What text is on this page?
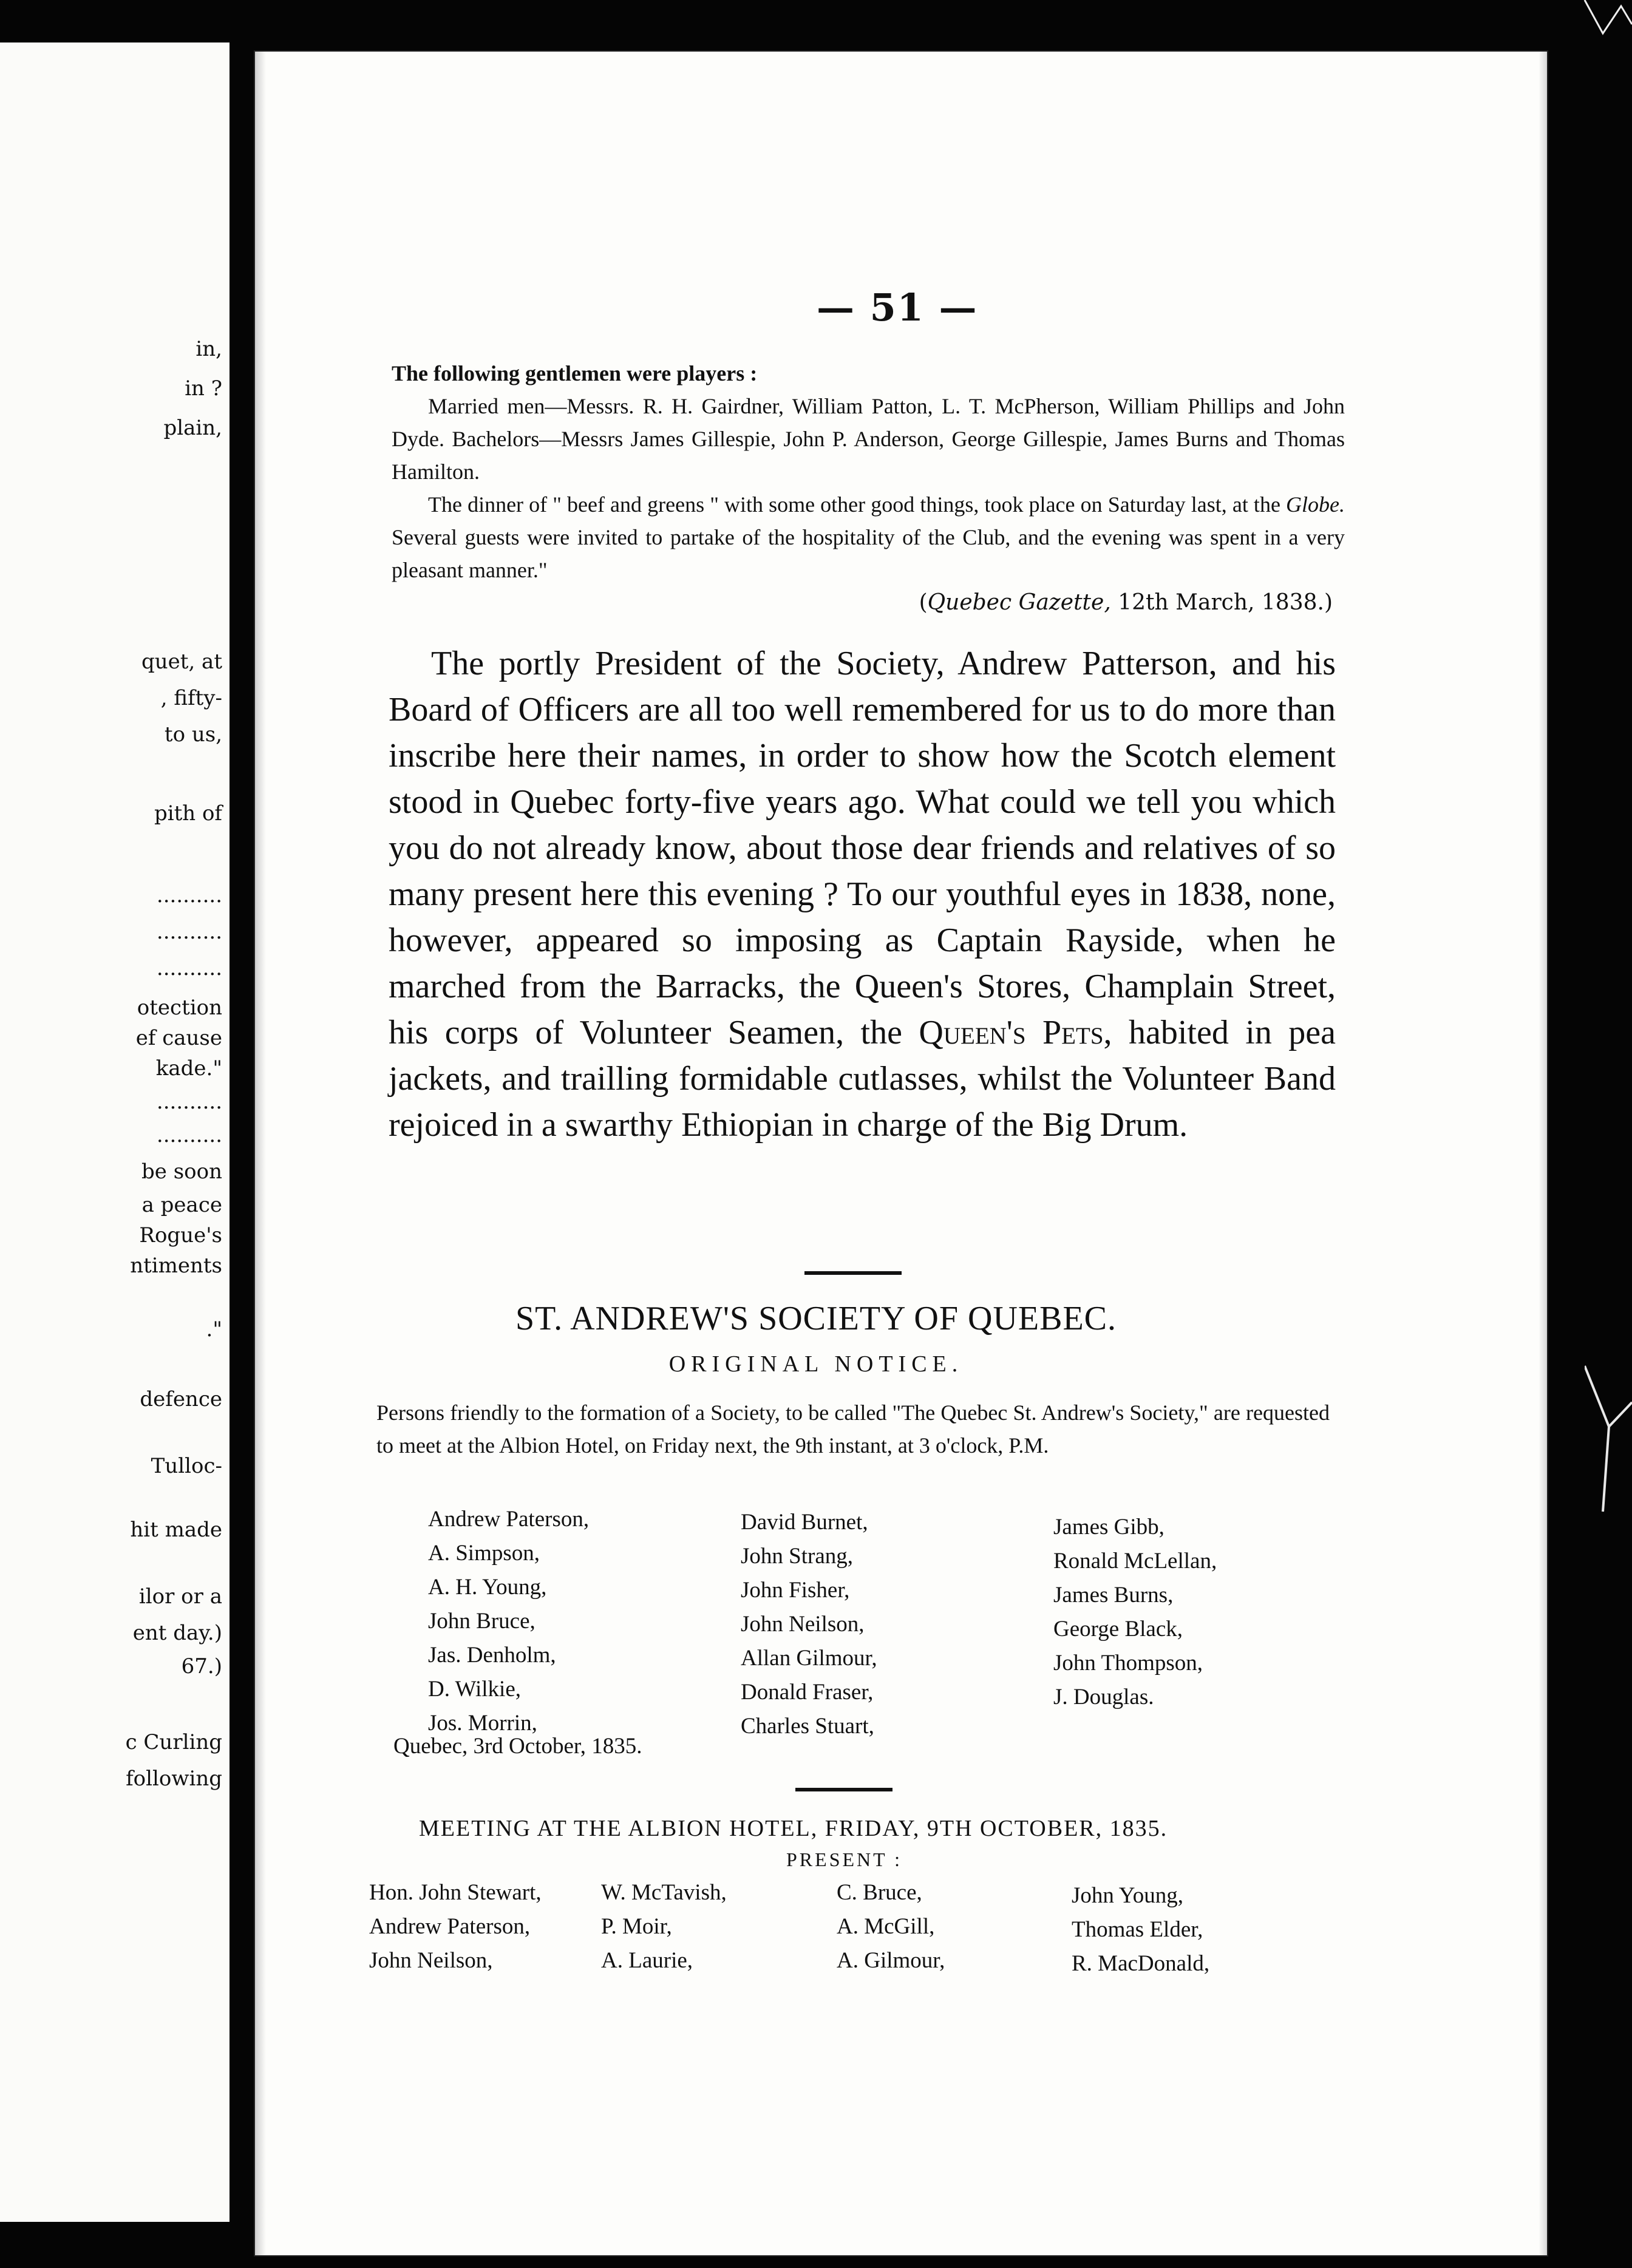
in,
in ?
plain,
quet, at
, fifty-
to us,
pith of
..........
..........
..........
otection
ef cause
kade."
..........
..........
be soon
a peace
Rogue's
ntiments
."
defence
Tulloc-
hit made
ilor or a
ent day.)
67.)
c Curling
following
— 51 —
The following gentlemen were players :
Married men—Messrs. R. H. Gairdner, William Patton, L. T. McPherson, William Phillips and John Dyde. Bachelors—Messrs James Gillespie, John P. Anderson, George Gillespie, James Burns and Thomas Hamilton.
The dinner of " beef and greens " with some other good things, took place on Saturday last, at the Globe. Several guests were invited to partake of the hospitality of the Club, and the evening was spent in a very pleasant manner."
(Quebec Gazette, 12th March, 1838.)

The portly President of the Society, Andrew Patterson, and his Board of Officers are all too well remembered for us to do more than inscribe here their names, in order to show how the Scotch element stood in Quebec forty-five years ago. What could we tell you which you do not already know, about those dear friends and relatives of so many present here this evening ? To our youthful eyes in 1838, none, however, appeared so imposing as Captain Rayside, when he marched from the Barracks, the Queen's Stores, Champlain Street, his corps of Volunteer Seamen, the Queen's Pets, habited in pea jackets, and trailling formidable cutlasses, whilst the Volunteer Band rejoiced in a swarthy Ethiopian in charge of the Big Drum.

ST. ANDREW'S SOCIETY OF QUEBEC.
ORIGINAL NOTICE.
Persons friendly to the formation of a Society, to be called "The Quebec St. Andrew's Society," are requested to meet at the Albion Hotel, on Friday next, the 9th instant, at 3 o'clock, P.M.
Andrew Paterson,
A. Simpson,
A. H. Young,
John Bruce,
Jas. Denholm,
D. Wilkie,
Jos. Morrin,
David Burnet,
John Strang,
John Fisher,
John Neilson,
Allan Gilmour,
Donald Fraser,
Charles Stuart,
James Gibb,
Ronald McLellan,
James Burns,
George Black,
John Thompson,
J. Douglas.
Quebec, 3rd October, 1835.
MEETING AT THE ALBION HOTEL, FRIDAY, 9TH OCTOBER, 1835.
PRESENT :
Hon. John Stewart,
Andrew Paterson,
John Neilson,
W. McTavish,
P. Moir,
A. Laurie,
C. Bruce,
A. McGill,
A. Gilmour,
John Young,
Thomas Elder,
R. MacDonald,
